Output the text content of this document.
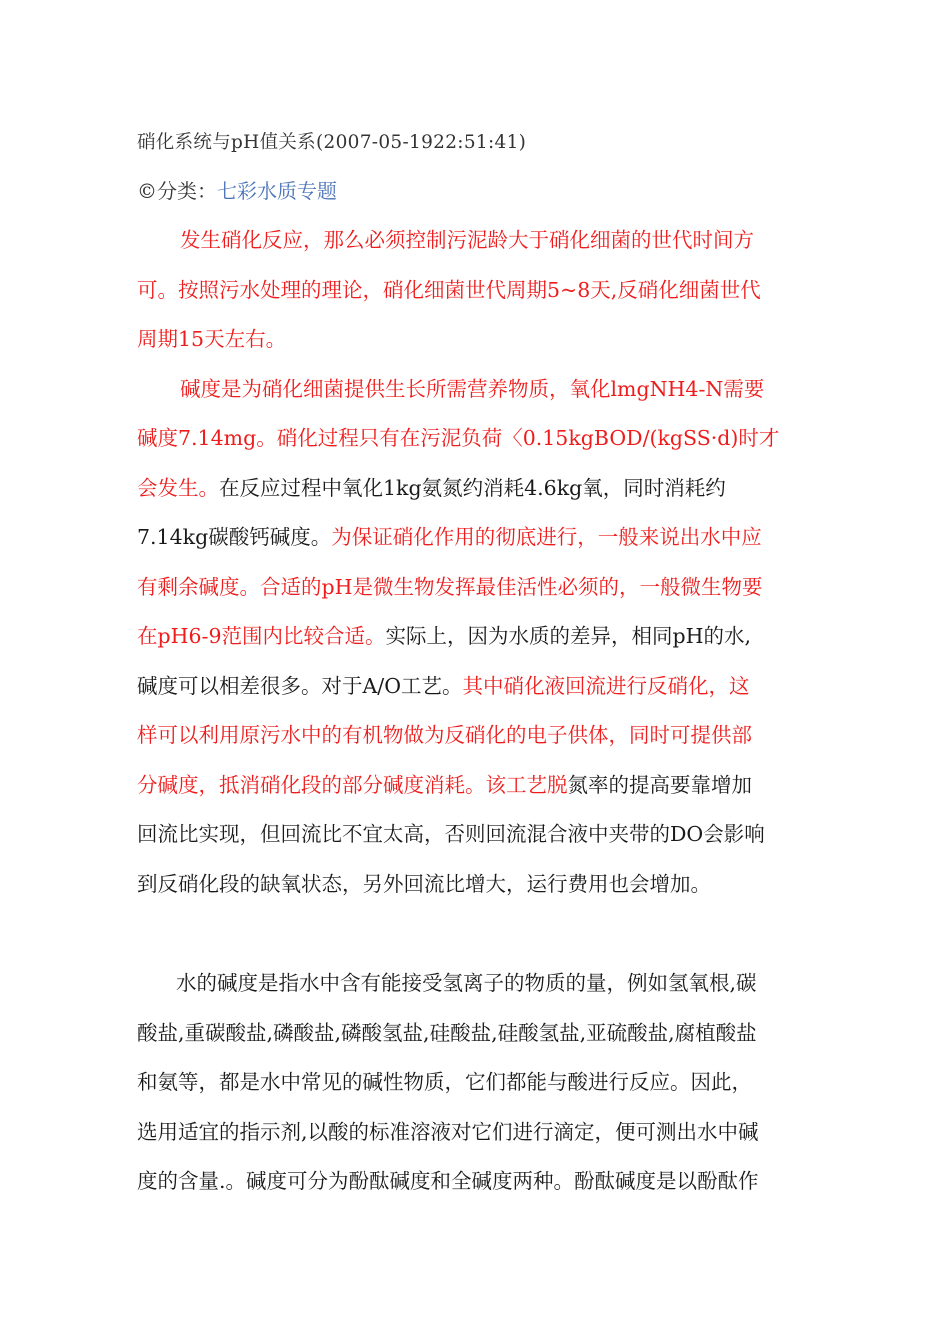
硝化系统与pH值关系(2007-05-1922:51:41)
©分类：七彩水质专题
发生硝化反应，那么必须控制污泥龄大于硝化细菌的世代时间方
可。按照污水处理的理论，硝化细菌世代周期5~8天,反硝化细菌世代
周期15天左右。
碱度是为硝化细菌提供生长所需营养物质，氧化lmgNH4-N需要
碱度7.14mg。硝化过程只有在污泥负荷〈0.15kgBOD/(kgSS·d)时才
会发生。在反应过程中氧化1kg氨氮约消耗4.6kg氧，同时消耗约
7.14kg碳酸钙碱度。为保证硝化作用的彻底进行，一般来说出水中应
有剩余碱度。合适的pH是微生物发挥最佳活性必须的，一般微生物要
在pH6-9范围内比较合适。实际上，因为水质的差异，相同pH的水,
碱度可以相差很多。对于A/O工艺。其中硝化液回流进行反硝化，这
样可以利用原污水中的有机物做为反硝化的电子供体，同时可提供部
分碱度，抵消硝化段的部分碱度消耗。该工艺脱氮率的提高要靠增加
回流比实现，但回流比不宜太高，否则回流混合液中夹带的DO会影响
到反硝化段的缺氧状态，另外回流比增大，运行费用也会增加。
水的碱度是指水中含有能接受氢离子的物质的量，例如氢氧根,碳
酸盐,重碳酸盐,磷酸盐,磷酸氢盐,硅酸盐,硅酸氢盐,亚硫酸盐,腐植酸盐
和氨等，都是水中常见的碱性物质，它们都能与酸进行反应。因此，
选用适宜的指示剂,以酸的标准溶液对它们进行滴定，便可测出水中碱
度的含量.。碱度可分为酚酞碱度和全碱度两种。酚酞碱度是以酚酞作
